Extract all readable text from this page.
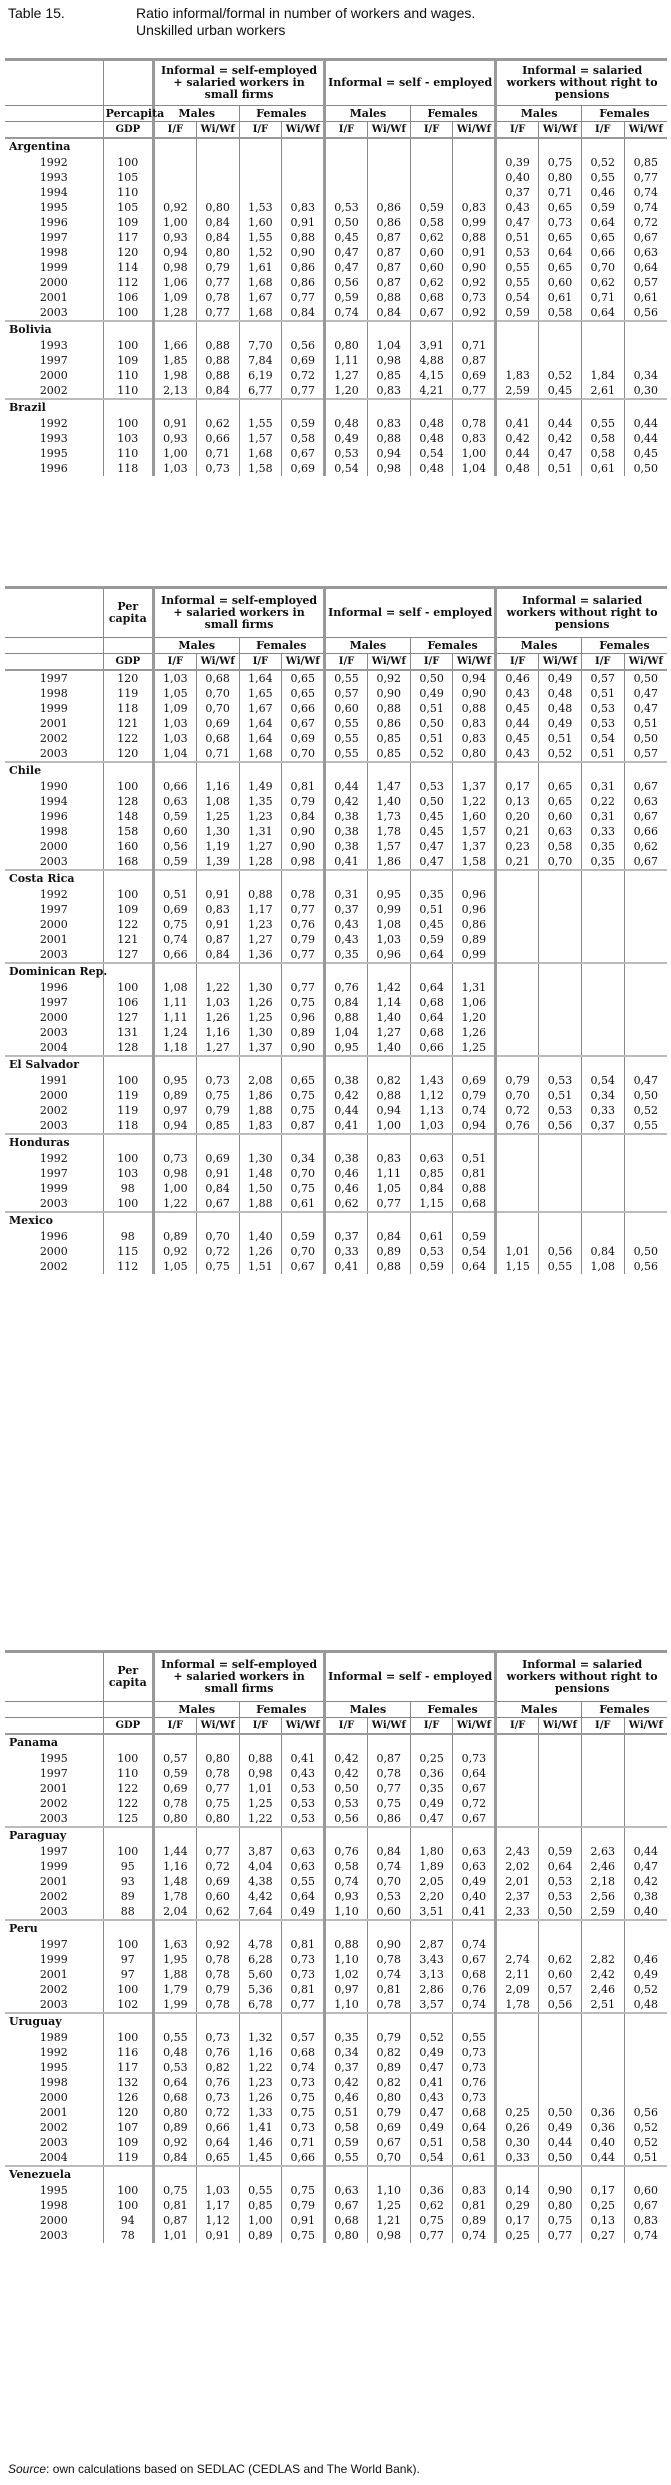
Table 15.	Ratio informal/formal in number of workers and wages.
Unskilled urban workers
		Informal = self-employed + salaried workers in small firms				Informal = self - employed				Informal = salaried workers without right to pensions			
	Percapita	Males		Females		Males		Females		Males		Females	
	GDP	I/F	Wi/Wf	I/F	Wi/Wf	I/F	Wi/Wf	I/F	Wi/Wf	I/F	Wi/Wf	I/F	Wi/Wf
Argentina													
1992	100									0,39	0,75	0,52	0,85
1993	105									0,40	0,80	0,55	0,77
1994	110									0,37	0,71	0,46	0,74
1995	105	0,92	0,80	1,53	0,83	0,53	0,86	0,59	0,83	0,43	0,65	0,59	0,74
1996	109	1,00	0,84	1,60	0,91	0,50	0,86	0,58	0,99	0,47	0,73	0,64	0,72
1997	117	0,93	0,84	1,55	0,88	0,45	0,87	0,62	0,88	0,51	0,65	0,65	0,67
1998	120	0,94	0,80	1,52	0,90	0,47	0,87	0,60	0,91	0,53	0,64	0,66	0,63
1999	114	0,98	0,79	1,61	0,86	0,47	0,87	0,60	0,90	0,55	0,65	0,70	0,64
2000	112	1,06	0,77	1,68	0,86	0,56	0,87	0,62	0,92	0,55	0,60	0,62	0,57
2001	106	1,09	0,78	1,67	0,77	0,59	0,88	0,68	0,73	0,54	0,61	0,71	0,61
2003	100	1,28	0,77	1,68	0,84	0,74	0,84	0,67	0,92	0,59	0,58	0,64	0,56
Bolivia													
1993	100	1,66	0,88	7,70	0,56	0,80	1,04	3,91	0,71				
1997	109	1,85	0,88	7,84	0,69	1,11	0,98	4,88	0,87				
2000	110	1,98	0,88	6,19	0,72	1,27	0,85	4,15	0,69	1,83	0,52	1,84	0,34
2002	110	2,13	0,84	6,77	0,77	1,20	0,83	4,21	0,77	2,59	0,45	2,61	0,30
Brazil													
1992	100	0,91	0,62	1,55	0,59	0,48	0,83	0,48	0,78	0,41	0,44	0,55	0,44
1993	103	0,93	0,66	1,57	0,58	0,49	0,88	0,48	0,83	0,42	0,42	0,58	0,44
1995	110	1,00	0,71	1,68	0,67	0,53	0,94	0,54	1,00	0,44	0,47	0,58	0,45
1996	118	1,03	0,73	1,58	0,69	0,54	0,98	0,48	1,04	0,48	0,51	0,61	0,50

	Per
capita	Informal = self-employed + salaried workers in small firms				Informal = self - employed				Informal = salaried workers without right to pensions			
		Males		Females		Males		Females		Males		Females	
	GDP	I/F	Wi/Wf	I/F	Wi/Wf	I/F	Wi/Wf	I/F	Wi/Wf	I/F	Wi/Wf	I/F	Wi/Wf
1997	120	1,03	0,68	1,64	0,65	0,55	0,92	0,50	0,94	0,46	0,49	0,57	0,50
1998	119	1,05	0,70	1,65	0,65	0,57	0,90	0,49	0,90	0,43	0,48	0,51	0,47
1999	118	1,09	0,70	1,67	0,66	0,60	0,88	0,51	0,88	0,45	0,48	0,53	0,47
2001	121	1,03	0,69	1,64	0,67	0,55	0,86	0,50	0,83	0,44	0,49	0,53	0,51
2002	122	1,03	0,68	1,64	0,69	0,55	0,85	0,51	0,83	0,45	0,51	0,54	0,50
2003	120	1,04	0,71	1,68	0,70	0,55	0,85	0,52	0,80	0,43	0,52	0,51	0,57
Chile													
1990	100	0,66	1,16	1,49	0,81	0,44	1,47	0,53	1,37	0,17	0,65	0,31	0,67
1994	128	0,63	1,08	1,35	0,79	0,42	1,40	0,50	1,22	0,13	0,65	0,22	0,63
1996	148	0,59	1,25	1,23	0,84	0,38	1,73	0,45	1,60	0,20	0,60	0,31	0,67
1998	158	0,60	1,30	1,31	0,90	0,38	1,78	0,45	1,57	0,21	0,63	0,33	0,66
2000	160	0,56	1,19	1,27	0,90	0,38	1,57	0,47	1,37	0,23	0,58	0,35	0,62
2003	168	0,59	1,39	1,28	0,98	0,41	1,86	0,47	1,58	0,21	0,70	0,35	0,67
Costa Rica													
1992	100	0,51	0,91	0,88	0,78	0,31	0,95	0,35	0,96				
1997	109	0,69	0,83	1,17	0,77	0,37	0,99	0,51	0,96				
2000	122	0,75	0,91	1,23	0,76	0,43	1,08	0,45	0,86				
2001	121	0,74	0,87	1,27	0,79	0,43	1,03	0,59	0,89				
2003	127	0,66	0,84	1,36	0,77	0,35	0,96	0,64	0,99				
Dominican Rep.													
1996	100	1,08	1,22	1,30	0,77	0,76	1,42	0,64	1,31				
1997	106	1,11	1,03	1,26	0,75	0,84	1,14	0,68	1,06				
2000	127	1,11	1,26	1,25	0,96	0,88	1,40	0,64	1,20				
2003	131	1,24	1,16	1,30	0,89	1,04	1,27	0,68	1,26				
2004	128	1,18	1,27	1,37	0,90	0,95	1,40	0,66	1,25				
El Salvador													
1991	100	0,95	0,73	2,08	0,65	0,38	0,82	1,43	0,69	0,79	0,53	0,54	0,47
2000	119	0,89	0,75	1,86	0,75	0,42	0,88	1,12	0,79	0,70	0,51	0,34	0,50
2002	119	0,97	0,79	1,88	0,75	0,44	0,94	1,13	0,74	0,72	0,53	0,33	0,52
2003	118	0,94	0,85	1,83	0,87	0,41	1,00	1,03	0,94	0,76	0,56	0,37	0,55
Honduras													
1992	100	0,73	0,69	1,30	0,34	0,38	0,83	0,63	0,51				
1997	103	0,98	0,91	1,48	0,70	0,46	1,11	0,85	0,81				
1999	98	1,00	0,84	1,50	0,75	0,46	1,05	0,84	0,88				
2003	100	1,22	0,67	1,88	0,61	0,62	0,77	1,15	0,68				
Mexico													
1996	98	0,89	0,70	1,40	0,59	0,37	0,84	0,61	0,59				
2000	115	0,92	0,72	1,26	0,70	0,33	0,89	0,53	0,54	1,01	0,56	0,84	0,50
2002	112	1,05	0,75	1,51	0,67	0,41	0,88	0,59	0,64	1,15	0,55	1,08	0,56

	Per
capita	Informal = self-employed + salaried workers in small firms				Informal = self - employed				Informal = salaried workers without right to pensions			
		Males		Females		Males		Females		Males		Females	
	GDP	I/F	Wi/Wf	I/F	Wi/Wf	I/F	Wi/Wf	I/F	Wi/Wf	I/F	Wi/Wf	I/F	Wi/Wf
Panama													
1995	100	0,57	0,80	0,88	0,41	0,42	0,87	0,25	0,73				
1997	110	0,59	0,78	0,98	0,43	0,42	0,78	0,36	0,64				
2001	122	0,69	0,77	1,01	0,53	0,50	0,77	0,35	0,67				
2002	122	0,78	0,75	1,25	0,53	0,53	0,75	0,49	0,72				
2003	125	0,80	0,80	1,22	0,53	0,56	0,86	0,47	0,67				
Paraguay													
1997	100	1,44	0,77	3,87	0,63	0,76	0,84	1,80	0,63	2,43	0,59	2,63	0,44
1999	95	1,16	0,72	4,04	0,63	0,58	0,74	1,89	0,63	2,02	0,64	2,46	0,47
2001	93	1,48	0,69	4,38	0,55	0,74	0,70	2,05	0,49	2,01	0,53	2,18	0,42
2002	89	1,78	0,60	4,42	0,64	0,93	0,53	2,20	0,40	2,37	0,53	2,56	0,38
2003	88	2,04	0,62	7,64	0,49	1,10	0,60	3,51	0,41	2,33	0,50	2,59	0,40
Peru													
1997	100	1,63	0,92	4,78	0,81	0,88	0,90	2,87	0,74				
1999	97	1,95	0,78	6,28	0,73	1,10	0,78	3,43	0,67	2,74	0,62	2,82	0,46
2001	97	1,88	0,78	5,60	0,73	1,02	0,74	3,13	0,68	2,11	0,60	2,42	0,49
2002	100	1,79	0,79	5,36	0,81	0,97	0,81	2,86	0,76	2,09	0,57	2,46	0,52
2003	102	1,99	0,78	6,78	0,77	1,10	0,78	3,57	0,74	1,78	0,56	2,51	0,48
Uruguay													
1989	100	0,55	0,73	1,32	0,57	0,35	0,79	0,52	0,55				
1992	116	0,48	0,76	1,16	0,68	0,34	0,82	0,49	0,73				
1995	117	0,53	0,82	1,22	0,74	0,37	0,89	0,47	0,73				
1998	132	0,64	0,76	1,23	0,73	0,42	0,82	0,41	0,76				
2000	126	0,68	0,73	1,26	0,75	0,46	0,80	0,43	0,73				
2001	120	0,80	0,72	1,33	0,75	0,51	0,79	0,47	0,68	0,25	0,50	0,36	0,56
2002	107	0,89	0,66	1,41	0,73	0,58	0,69	0,49	0,64	0,26	0,49	0,36	0,52
2003	109	0,92	0,64	1,46	0,71	0,59	0,67	0,51	0,58	0,30	0,44	0,40	0,52
2004	119	0,84	0,65	1,45	0,66	0,55	0,70	0,54	0,61	0,33	0,50	0,44	0,51
Venezuela													
1995	100	0,75	1,03	0,55	0,75	0,63	1,10	0,36	0,83	0,14	0,90	0,17	0,60
1998	100	0,81	1,17	0,85	0,79	0,67	1,25	0,62	0,81	0,29	0,80	0,25	0,67
2000	94	0,87	1,12	1,00	0,91	0,68	1,21	0,75	0,89	0,17	0,75	0,13	0,83
2003	78	1,01	0,91	0,89	0,75	0,80	0,98	0,77	0,74	0,25	0,77	0,27	0,74
Source: own calculations based on SEDLAC (CEDLAS and The World Bank).
